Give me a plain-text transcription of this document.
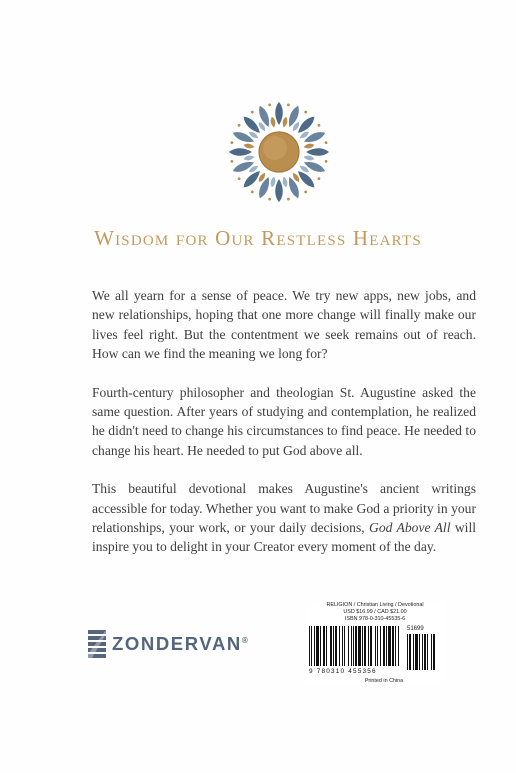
Wisdom for Our Restless Hearts

We all yearn for a sense of peace. We try new apps, new jobs, and new relationships, hoping that one more change will finally make our lives feel right. But the contentment we seek remains out of reach. How can we find the meaning we long for?

Fourth-century philosopher and theologian St. Augustine asked the same question. After years of studying and contemplation, he realized he didn't need to change his circumstances to find peace. He needed to change his heart. He needed to put God above all.

This beautiful devotional makes Augustine's ancient writings accessible for today. Whether you want to make God a priority in your relationships, your work, or your daily decisions, God Above All will inspire you to delight in your Creator every moment of the day.

ZONDERVAN®
RELIGION / Christian Living / Devotional
USD $16.99 / CAD $21.00
ISBN 978-0-310-45535-6
51699
9 780310 455356
Printed in China
